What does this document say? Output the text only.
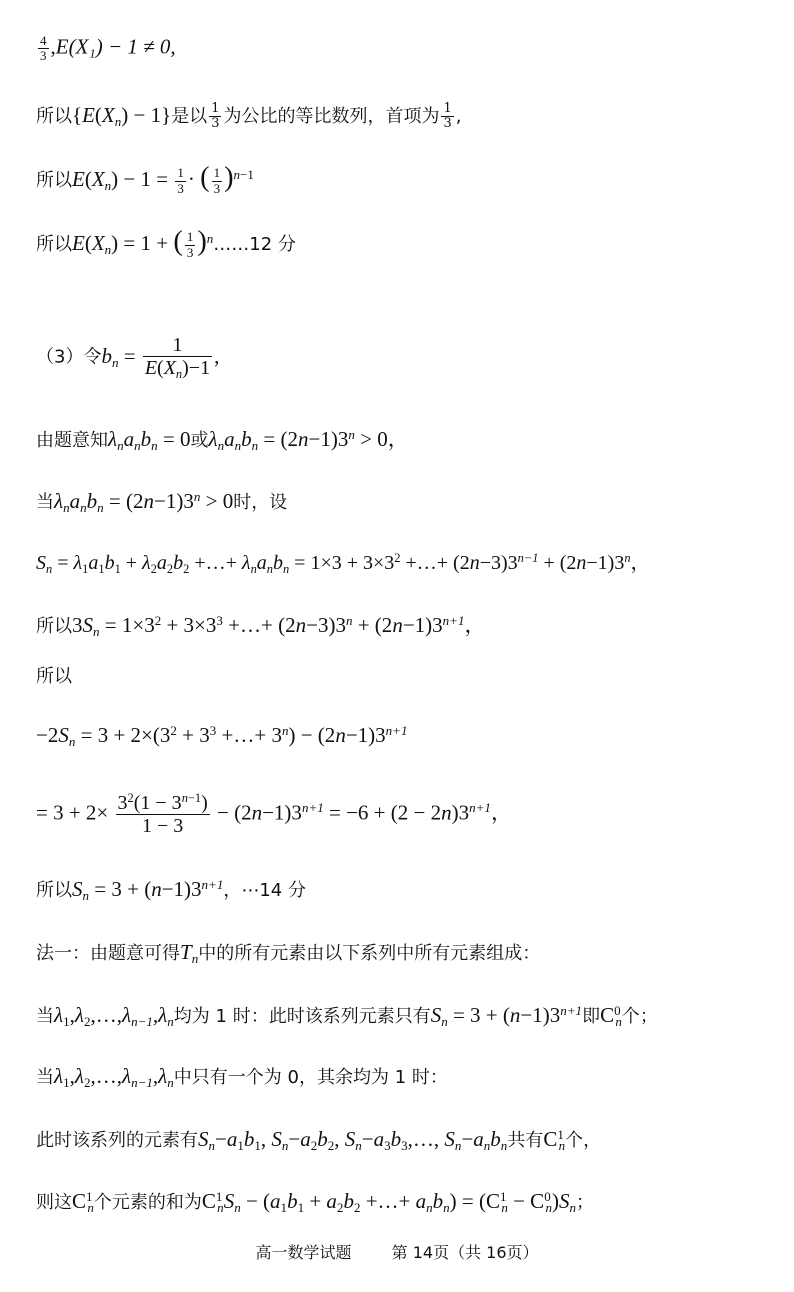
$\frac{4}{3} ,E(X_1) - 1 \ne 0$,
所以$\{E(X_n) - 1\}$是以 $\frac{1}{3}$ 为公比的等比数列，首项为 $\frac{1}{3}$ ,
所以$E(X_n) - 1 = \frac{1}{3}$ · ( $\frac{1}{3} )^{n-1}$
所以$E(X_n) = 1$ + ( $\frac{1}{3}$ )$^n$……12 分
（3）令$b_n = \frac{1}{E(X_n)-1}$ ,
由题意知$\lambda_na_nb_n = 0$或$\lambda_na_nb_n = (2n-1)3^n > 0$，
当$\lambda_na_nb_n = (2n-1)3^n > 0$时，设
$S_n = \lambda_1a_1b_1 + \lambda_2a_2b_2$ +…+ $\lambda_na_nb_n = 1\times 3 + 3\times 3^2$ +…+ $(2n-3)3^{n-1} + (2n-1)3^n$，
所以$3S_n = 1\times 3^2 + 3\times 3^3$ +…+ $(2n-3)3^n + (2n-1)3^{n+1}$，
所以
$-2S_n = 3 + 2\times(3^2 + 3^3$ +…+ $3^n) - (2n-1)3^{n+1}$
= $3 + 2\times \frac{3^2(1 - 3^{n-1})}{1 - 3} - (2n-1)3^{n+1} = -6 + (2 - 2n)3^{n+1}$，
所以$S_n = 3 + (n-1)3^{n+1}$，⋯14 分
法一：由题意可得$T_n$中的所有元素由以下系列中所有元素组成：
当$\lambda_1,\lambda_2,\dots,\lambda_{n-1},\lambda_n$均为 1 时：此时该系列元素只有$S_n = 3 + (n-1)3^{n+1}$即$C^0_n$个；
当$\lambda_1,\lambda_2,\dots,\lambda_{n-1},\lambda_n$中只有一个为 0，其余均为 1 时：
此时该系列的元素有$S_n-a_1b_1$, $S_n-a_2b_2$, $S_n-a_3b_3,\dots$, $S_n-a_nb_n$共有$C^1_n$个，
则这$C^1_n$个元素的和为$C^1_nS_n - (a_1b_1 + a_2b_2$ +…+ $a_nb_n) = (C^1_n - C^0_n)S_n$；
高一数学试题	第 14页（共 16页）
